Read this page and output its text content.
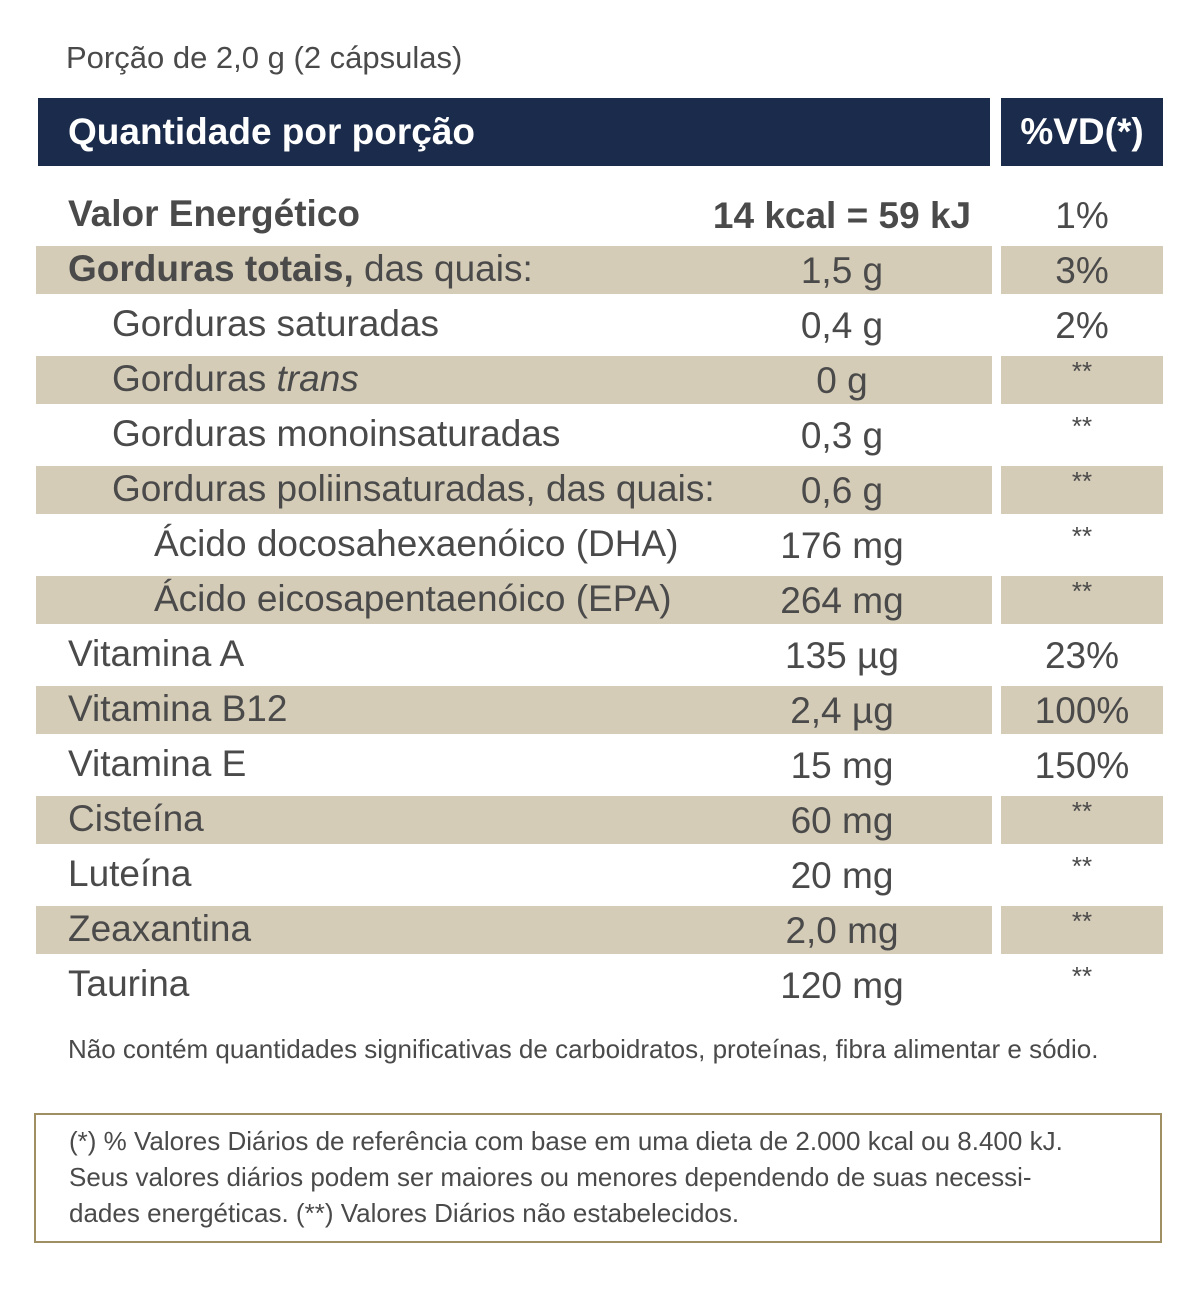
Porção de 2,0 g (2 cápsulas)
Quantidade por porção	%VD(*)
Valor Energético	14 kcal = 59 kJ	1%
Gorduras totais, das quais:	1,5 g	3%
Gorduras saturadas	0,4 g	2%
Gorduras trans	0 g	**
Gorduras monoinsaturadas	0,3 g	**
Gorduras poliinsaturadas, das quais:	0,6 g	**
Ácido docosahexaenóico (DHA)	176 mg	**
Ácido eicosapentaenóico (EPA)	264 mg	**
Vitamina A	135 µg	23%
Vitamina B12	2,4 µg	100%
Vitamina E	15 mg	150%
Cisteína	60 mg	**
Luteína	20 mg	**
Zeaxantina	2,0 mg	**
Taurina	120 mg	**
Não contém quantidades significativas de carboidratos, proteínas, fibra alimentar e sódio.
(*) % Valores Diários de referência com base em uma dieta de 2.000 kcal ou 8.400 kJ.
Seus valores diários podem ser maiores ou menores dependendo de suas necessi-
dades energéticas. (**) Valores Diários não estabelecidos.
